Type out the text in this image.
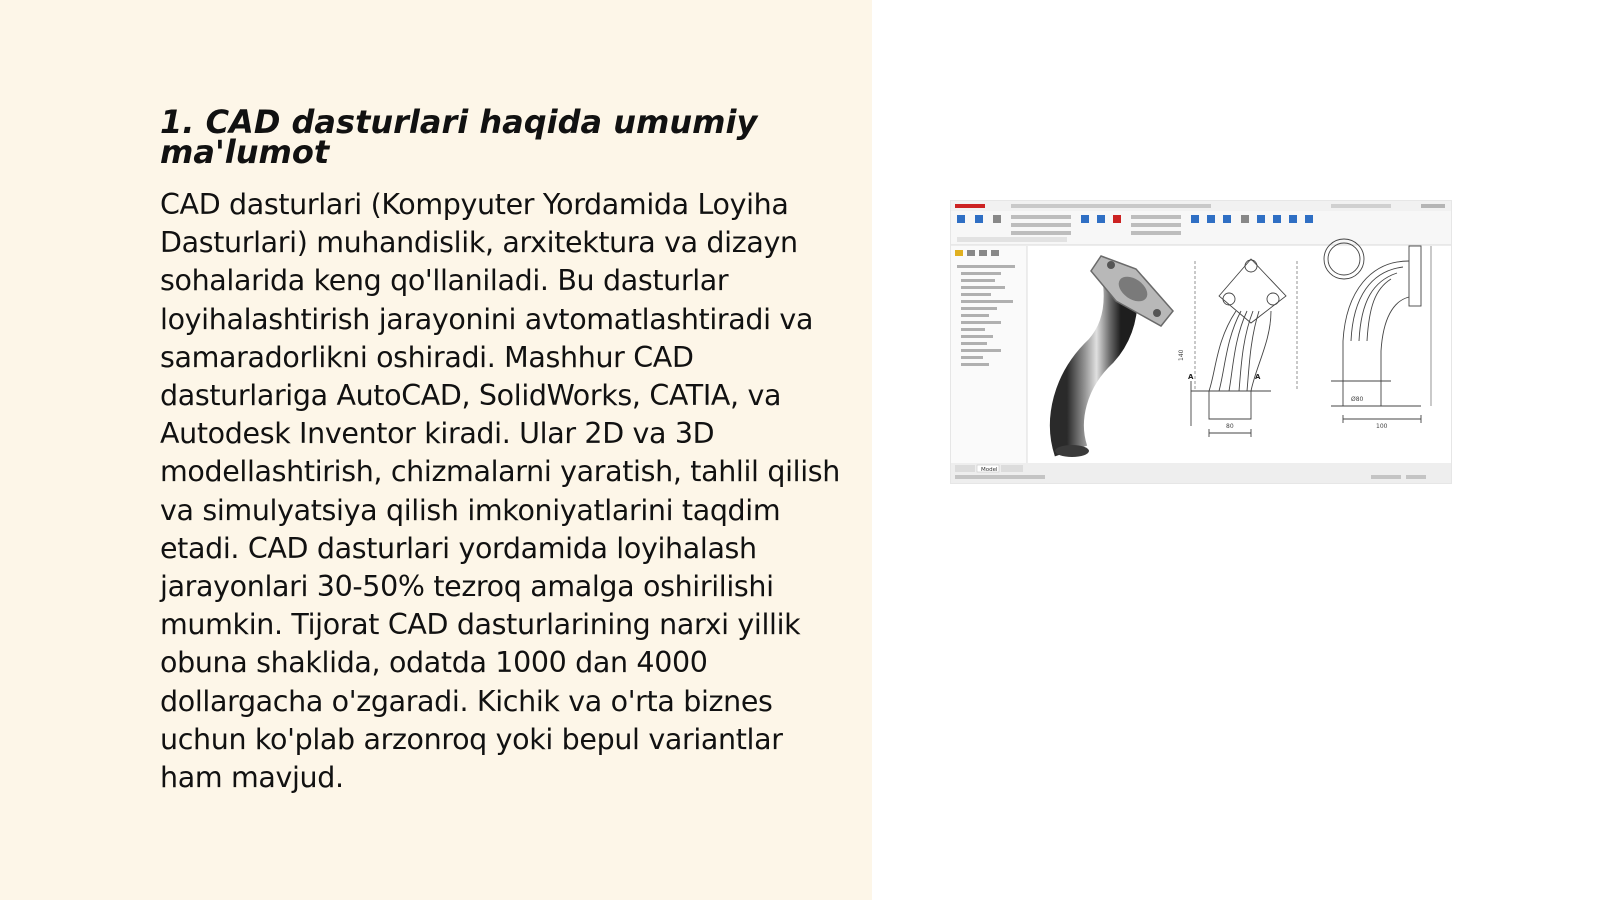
1. CAD dasturlari haqida umumiy ma'lumot

CAD dasturlari (Kompyuter Yordamida Loyiha Dasturlari) muhandislik, arxitektura va dizayn sohalarida keng qo'llaniladi. Bu dasturlar loyihalashtirish jarayonini avtomatlashtiradi va samaradorlikni oshiradi. Mashhur CAD dasturlariga AutoCAD, SolidWorks, CATIA, va Autodesk Inventor kiradi. Ular 2D va 3D modellashtirish, chizmalarni yaratish, tahlil qilish va simulyatsiya qilish imkoniyatlarini taqdim etadi. CAD dasturlari yordamida loyihalash jarayonlari 30-50% tezroq amalga oshirilishi mumkin. Tijorat CAD dasturlarining narxi yillik obuna shaklida, odatda 1000 dan 4000 dollargacha o'zgaradi. Kichik va o'rta biznes uchun ko'plab arzonroq yoki bepul variantlar ham mavjud.

80	100
Ø80
140
A	A
Model
